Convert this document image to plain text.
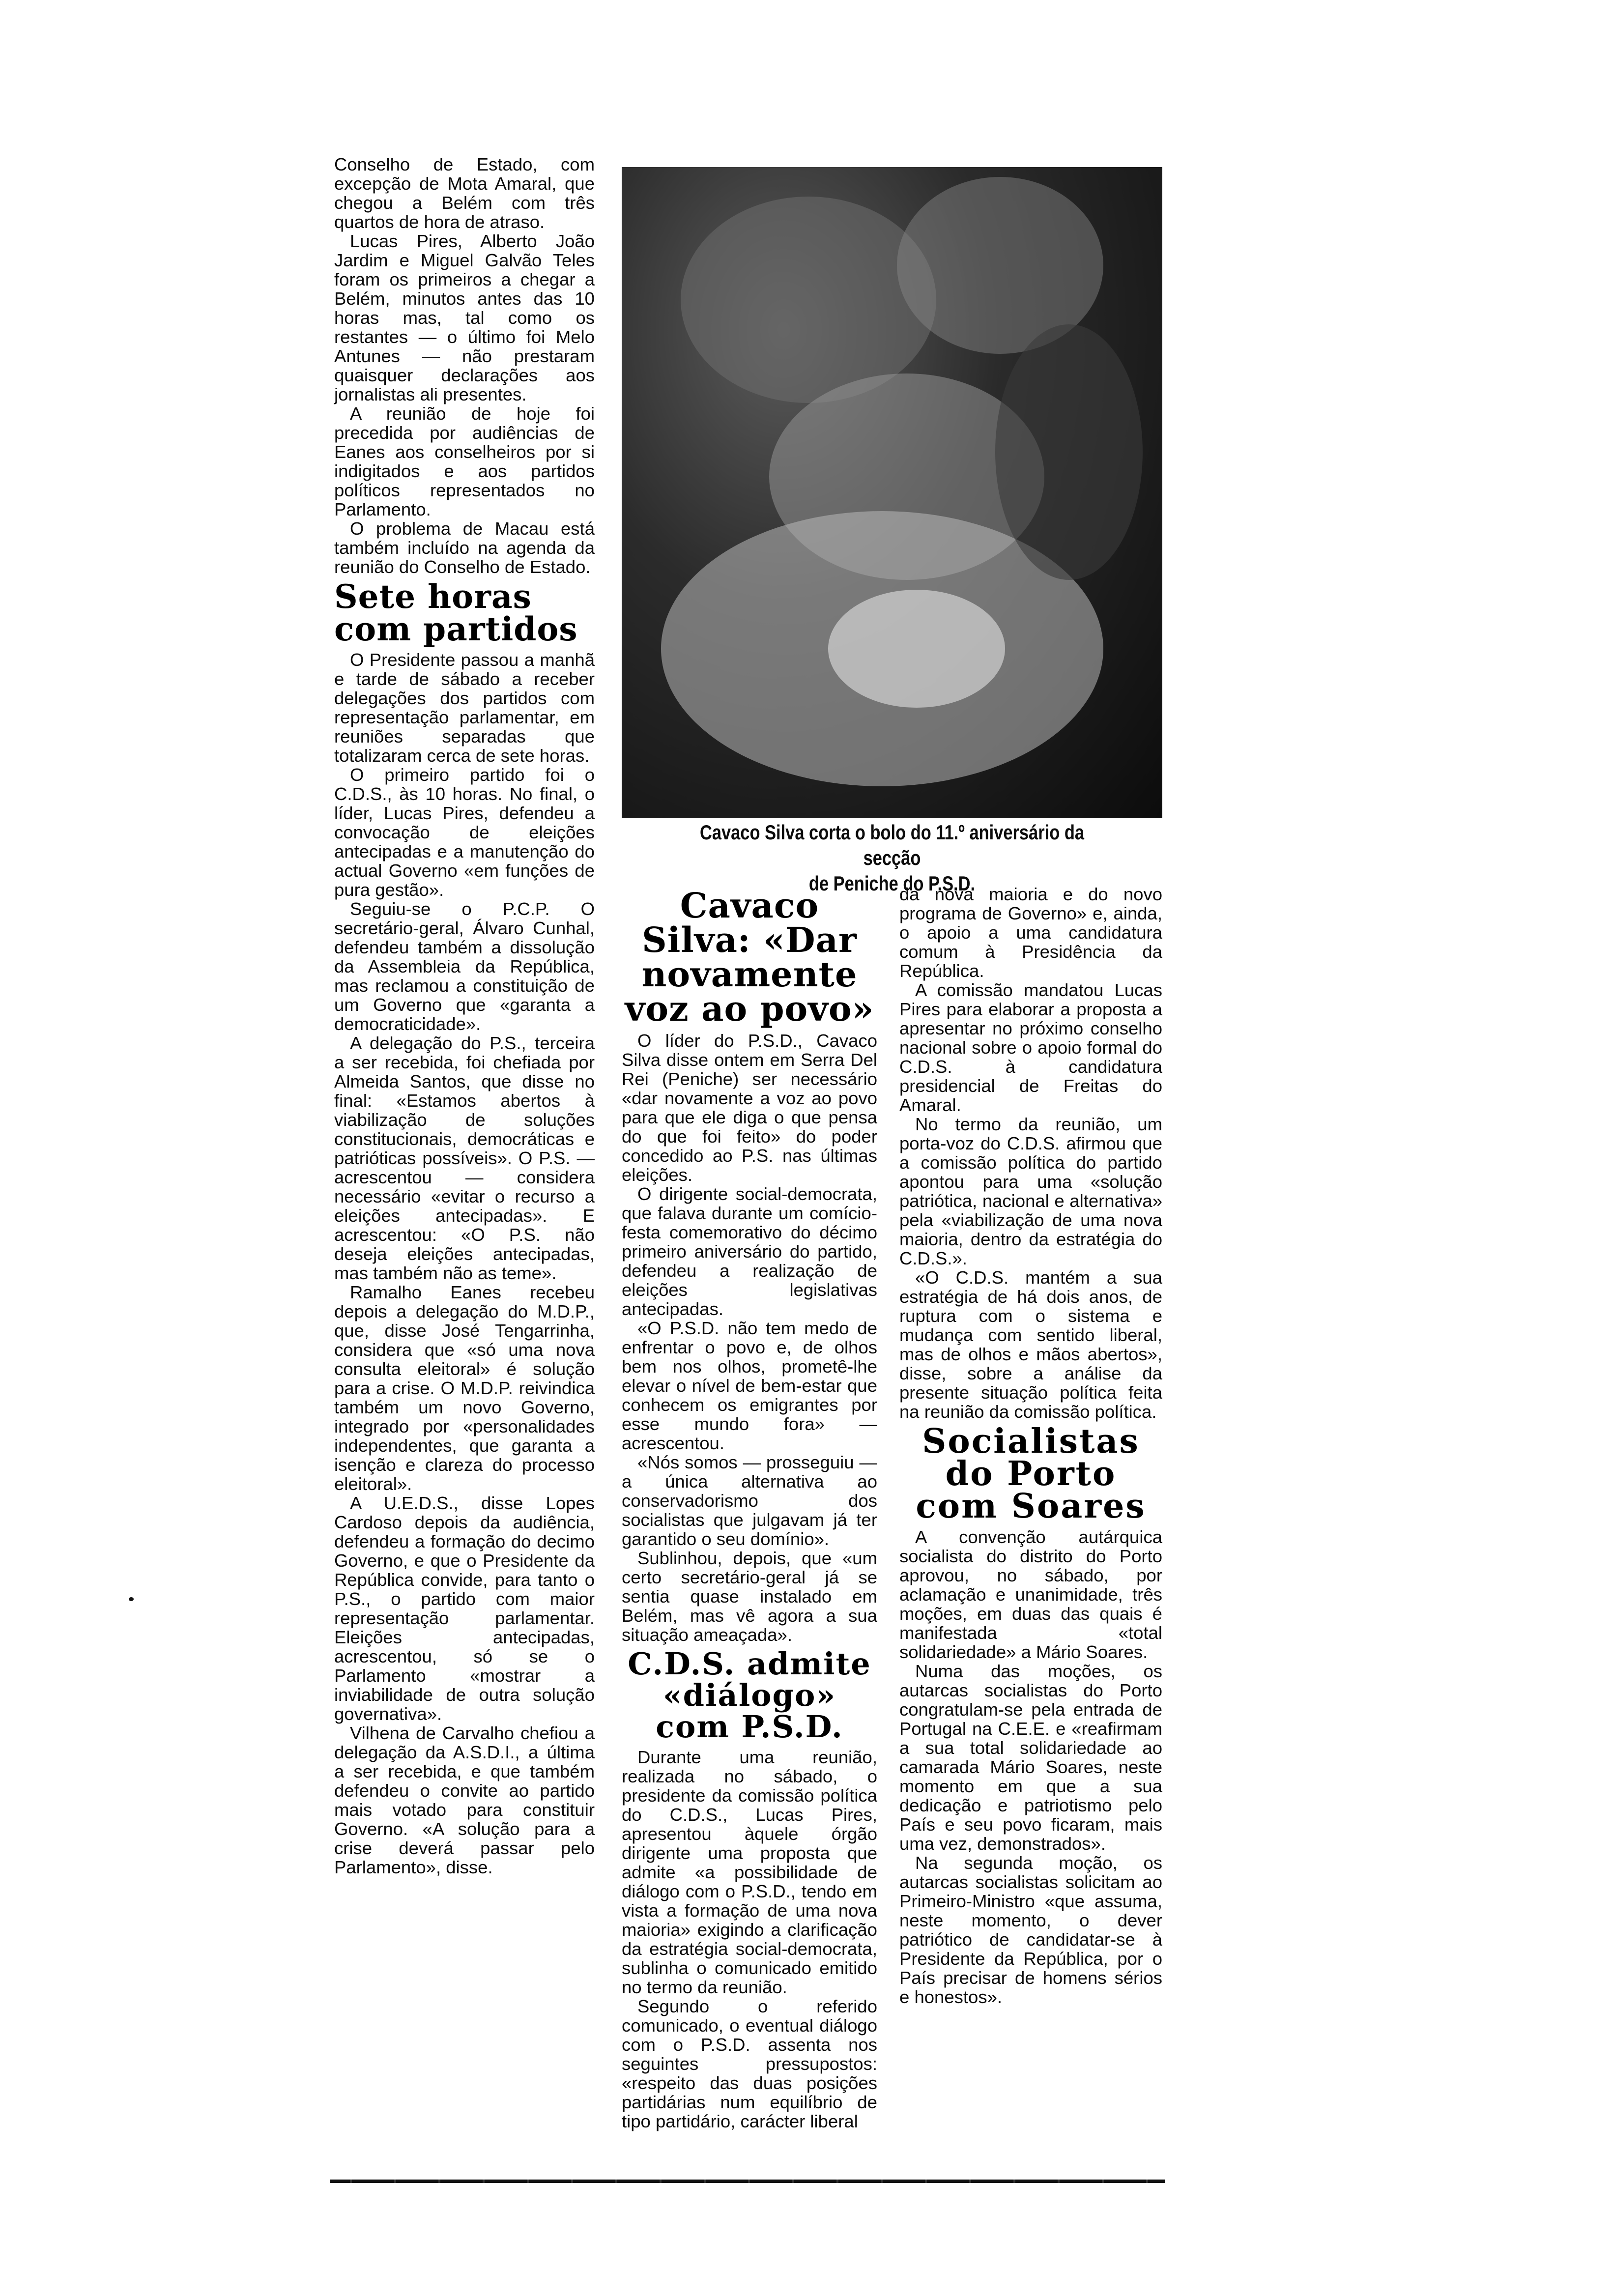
Conselho de Estado, com excepção de Mota Amaral, que chegou a Belém com três quartos de hora de atraso.

Lucas Pires, Alberto João Jardim e Miguel Galvão Teles foram os primeiros a chegar a Belém, minutos antes das 10 horas mas, tal como os restantes — o último foi Melo Antunes — não prestaram quaisquer declarações aos jornalistas ali presentes.

A reunião de hoje foi precedida por audiências de Eanes aos conselheiros por si indigitados e aos partidos políticos representados no Parlamento.

O problema de Macau está também incluído na agenda da reunião do Conselho de Estado.

Sete horas com partidos

O Presidente passou a manhã e tarde de sábado a receber delegações dos partidos com representação parlamentar, em reuniões separadas que totalizaram cerca de sete horas.

O primeiro partido foi o C.D.S., às 10 horas. No final, o líder, Lucas Pires, defendeu a convocação de eleições antecipadas e a manutenção do actual Governo «em funções de pura gestão».

Seguiu-se o P.C.P. O secretário-geral, Álvaro Cunhal, defendeu também a dissolução da Assembleia da República, mas reclamou a constituição de um Governo que «garanta a democraticidade».

A delegação do P.S., terceira a ser recebida, foi chefiada por Almeida Santos, que disse no final: «Estamos abertos à viabilização de soluções constitucionais, democráticas e patrióticas possíveis». O P.S. — acrescentou — considera necessário «evitar o recurso a eleições antecipadas». E acrescentou: «O P.S. não deseja eleições antecipadas, mas também não as teme».

Ramalho Eanes recebeu depois a delegação do M.D.P., que, disse José Tengarrinha, considera que «só uma nova consulta eleitoral» é solução para a crise. O M.D.P. reivindica também um novo Governo, integrado por «personalidades independentes, que garanta a isenção e clareza do processo eleitoral».

A U.E.D.S., disse Lopes Cardoso depois da audiência, defendeu a formação do decimo Governo, e que o Presidente da República convide, para tanto o P.S., o partido com maior representação parlamentar. Eleições antecipadas, acrescentou, só se o Parlamento «mostrar a inviabilidade de outra solução governativa».

Vilhena de Carvalho chefiou a delegação da A.S.D.I., a última a ser recebida, e que também defendeu o convite ao partido mais votado para constituir Governo. «A solução para a crise deverá passar pelo Parlamento», disse.

Cavaco Silva corta o bolo do 11.º aniversário da secção
de Peniche do P.S.D.
Cavaco Silva: «Dar novamente voz ao povo»

O líder do P.S.D., Cavaco Silva disse ontem em Serra Del Rei (Peniche) ser necessário «dar novamente a voz ao povo para que ele diga o que pensa do que foi feito» do poder concedido ao P.S. nas últimas eleições.

O dirigente social-democrata, que falava durante um comício-festa comemorativo do décimo primeiro aniversário do partido, defendeu a realização de eleições legislativas antecipadas.

«O P.S.D. não tem medo de enfrentar o povo e, de olhos bem nos olhos, prometê-lhe elevar o nível de bem-estar que conhecem os emigrantes por esse mundo fora» — acrescentou.

«Nós somos — prosseguiu — a única alternativa ao conservadorismo dos socialistas que julgavam já ter garantido o seu domínio».

Sublinhou, depois, que «um certo secretário-geral já se sentia quase instalado em Belém, mas vê agora a sua situação ameaçada».

C.D.S. admite «diálogo» com P.S.D.

Durante uma reunião, realizada no sábado, o presidente da comissão política do C.D.S., Lucas Pires, apresentou àquele órgão dirigente uma proposta que admite «a possibilidade de diálogo com o P.S.D., tendo em vista a formação de uma nova maioria» exigindo a clarificação da estratégia social-democrata, sublinha o comunicado emitido no termo da reunião.

Segundo o referido comunicado, o eventual diálogo com o P.S.D. assenta nos seguintes pressupostos: «respeito das duas posições partidárias num equilíbrio de tipo partidário, carácter liberal

da nova maioria e do novo programa de Governo» e, ainda, o apoio a uma candidatura comum à Presidência da República.

A comissão mandatou Lucas Pires para elaborar a proposta a apresentar no próximo conselho nacional sobre o apoio formal do C.D.S. à candidatura presidencial de Freitas do Amaral.

No termo da reunião, um porta-voz do C.D.S. afirmou que a comissão política do partido apontou para uma «solução patriótica, nacional e alternativa» pela «viabilização de uma nova maioria, dentro da estratégia do C.D.S.».

«O C.D.S. mantém a sua estratégia de há dois anos, de ruptura com o sistema e mudança com sentido liberal, mas de olhos e mãos abertos», disse, sobre a análise da presente situação política feita na reunião da comissão política.

Socialistas do Porto com Soares

A convenção autárquica socialista do distrito do Porto aprovou, no sábado, por aclamação e unanimidade, três moções, em duas das quais é manifestada «total solidariedade» a Mário Soares.

Numa das moções, os autarcas socialistas do Porto congratulam-se pela entrada de Portugal na C.E.E. e «reafirmam a sua total solidariedade ao camarada Mário Soares, neste momento em que a sua dedicação e patriotismo pelo País e seu povo ficaram, mais uma vez, demonstrados».

Na segunda moção, os autarcas socialistas solicitam ao Primeiro-Ministro «que assuma, neste momento, o dever patriótico de candidatar-se à Presidente da República, por o País precisar de homens sérios e honestos».
